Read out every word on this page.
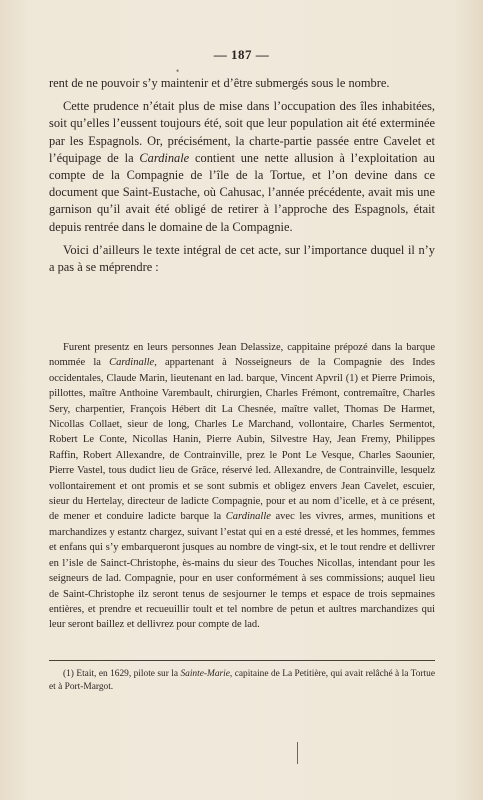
— 187 —
•

rent de ne pouvoir s’y maintenir et d’être submergés sous le nombre.

Cette prudence n’était plus de mise dans l’occupation des îles inhabitées, soit qu’elles l’eussent toujours été, soit que leur population ait été exterminée par les Espagnols. Or, précisément, la charte-partie passée entre Cavelet et l’équipage de la Cardinale contient une nette allusion à l’exploitation au compte de la Compagnie de l’île de la Tortue, et l’on devine dans ce document que Saint-Eustache, où Cahusac, l’année précédente, avait mis une garnison qu’il avait été obligé de retirer à l’approche des Espagnols, était depuis rentrée dans le domaine de la Compagnie.

Voici d’ailleurs le texte intégral de cet acte, sur l’importance duquel il n’y a pas à se méprendre :

Furent presentz en leurs personnes Jean Delassize, cappitaine prépozé dans la barque nommée la Cardinalle, appartenant à Nosseigneurs de la Compagnie des Indes occidentales, Claude Marin, lieutenant en lad. barque, Vincent Apvril (1) et Pierre Primois, pillottes, maître Anthoine Varembault, chirurgien, Charles Frémont, contremaître, Charles Sery, charpentier, François Hébert dit La Chesnée, maître vallet, Thomas De Harmet, Nicollas Collaet, sieur de long, Charles Le Marchand, vollontaire, Charles Sermentot, Robert Le Conte, Nicollas Hanin, Pierre Aubin, Silvestre Hay, Jean Fremy, Philippes Raffin, Robert Allexandre, de Contrainville, prez le Pont Le Vesque, Charles Saounier, Pierre Vastel, tous dudict lieu de Grâce, réservé led. Allexandre, de Contrainville, lesquelz vollontairement et ont promis et se sont submis et obligez envers Jean Cavelet, escuier, sieur du Hertelay, directeur de ladicte Compagnie, pour et au nom d’icelle, et à ce présent, de mener et conduire ladicte barque la Cardinalle avec les vivres, armes, munitions et marchandizes y estantz chargez, suivant l’estat qui en a esté dressé, et les hommes, femmes et enfans qui s’y embarqueront jusques au nombre de vingt-six, et le tout rendre et dellivrer en l’isle de Sainct-Christophe, ès-mains du sieur des Touches Nicollas, intendant pour les seigneurs de lad. Compagnie, pour en user conformément à ses commissions; auquel lieu de Saint-Christophe ilz seront tenus de sesjourner le temps et espace de trois sepmaines entières, et prendre et recueuillir toult et tel nombre de petun et aultres marchandizes qui leur seront baillez et dellivrez pour compte de lad.
(1) Etait, en 1629, pilote sur la Sainte-Marie, capitaine de La Petitière, qui avait relâché à la Tortue et à Port-Margot.
